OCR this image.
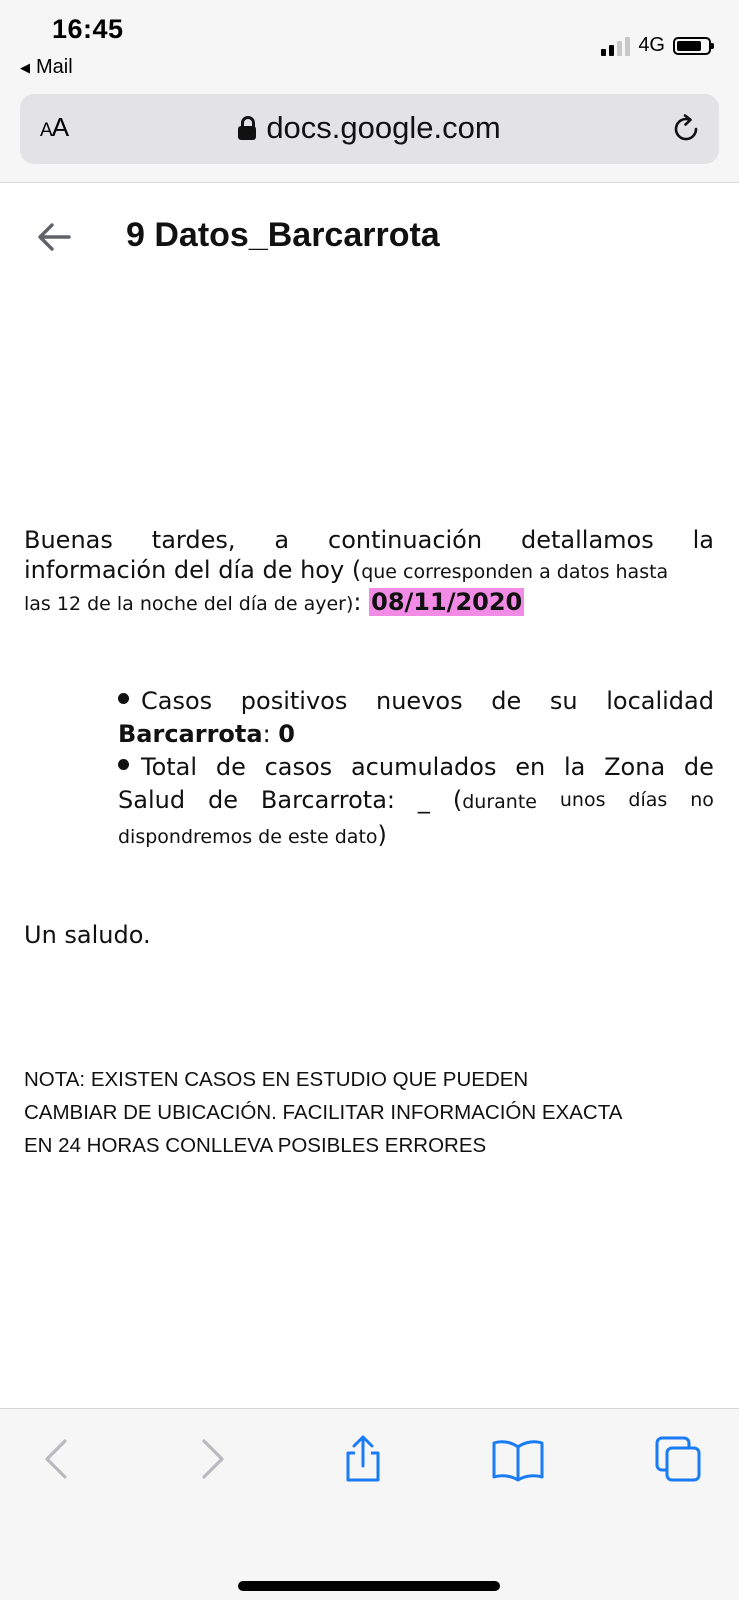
16:45
◀ Mail
4G
AA	docs.google.com
9 Datos_Barcarrota
Buenas tardes, a continuación detallamos la
información del día de hoy (que corresponden a datos hasta
las 12 de la noche del día de ayer): 08/11/2020
Casos positivos nuevos de su localidad
Barcarrota: 0
Total de casos acumulados en la Zona de
Salud de Barcarrota: _ (durante unos días no
dispondremos de este dato)
Un saludo.
NOTA: EXISTEN CASOS EN ESTUDIO QUE PUEDEN
CAMBIAR DE UBICACIÓN. FACILITAR INFORMACIÓN EXACTA
EN 24 HORAS CONLLEVA POSIBLES ERRORES
